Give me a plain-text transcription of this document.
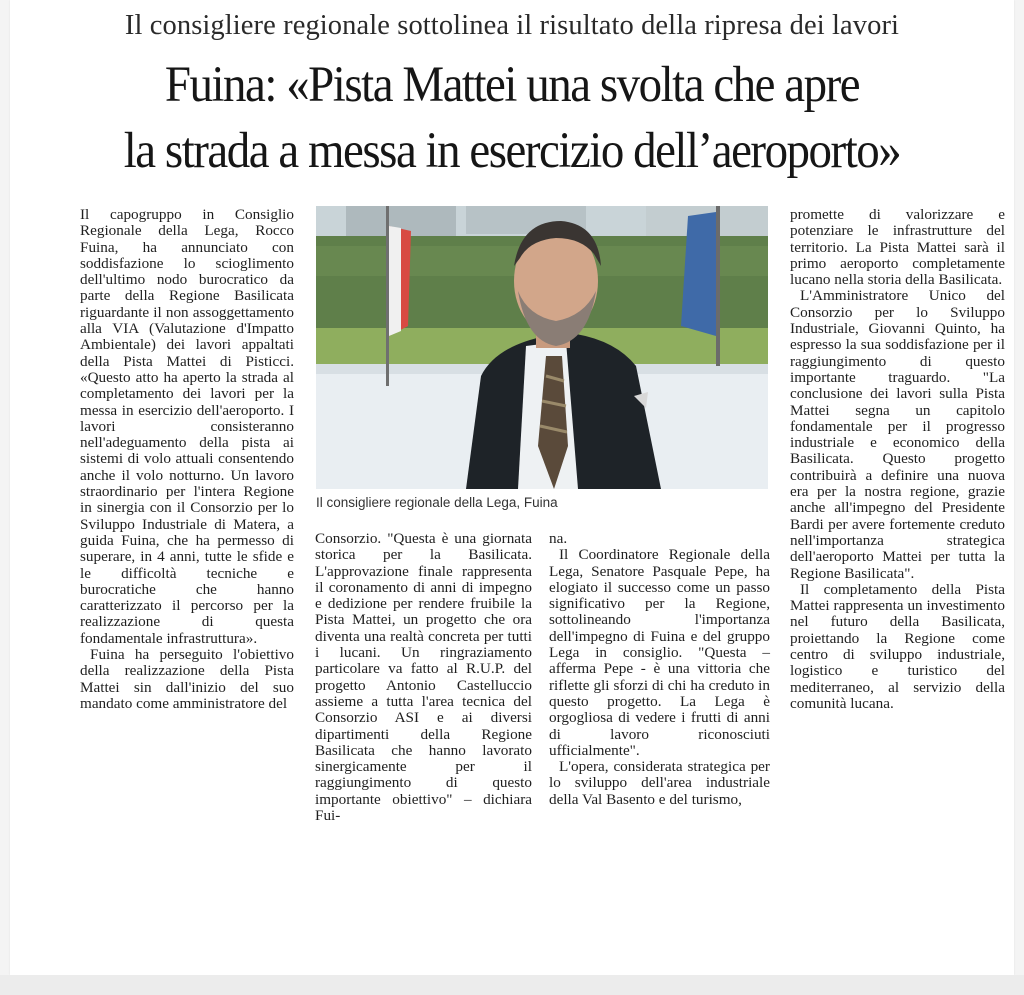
Il consigliere regionale sottolinea il risultato della ripresa dei lavori
Fuina: «Pista Mattei una svolta che apre
la strada a messa in esercizio dell’aeroporto»

Il capogruppo in Consiglio Regionale della Lega, Rocco Fuina, ha annunciato con soddisfazione lo scioglimento dell'ultimo nodo burocratico da parte della Regione Basilicata riguardante il non assoggettamento alla VIA (Valutazione d'Impatto Ambientale) dei lavori appaltati della Pista Mattei di Pisticci. «Questo atto ha aperto la strada al completamento dei lavori per la messa in esercizio dell'aeroporto. I lavori consisteranno nell'adeguamento della pista ai sistemi di volo attuali consentendo anche il volo notturno. Un lavoro straordinario per l'intera Regione in sinergia con il Consorzio per lo Sviluppo Industriale di Matera, a guida Fuina, che ha permesso di superare, in 4 anni, tutte le sfide e le difficoltà tecniche e burocratiche che hanno caratterizzato il percorso per la realizzazione di questa fondamentale infrastruttura».

Fuina ha perseguito l'obiettivo della realizzazione della Pista Mattei sin dall'inizio del suo mandato come amministratore del

Il consigliere regionale della Lega, Fuina

Consorzio. "Questa è una giornata storica per la Basilicata. L'approvazione finale rappresenta il coronamento di anni di impegno e dedizione per rendere fruibile la Pista Mattei, un progetto che ora diventa una realtà concreta per tutti i lucani. Un ringraziamento particolare va fatto al R.U.P. del progetto Antonio Castelluccio assieme a tutta l'area tecnica del Consorzio ASI e ai diversi dipartimenti della Regione Basilicata che hanno lavorato sinergicamente per il raggiungimento di questo importante obiettivo" – dichiara Fui-

na.

Il Coordinatore Regionale della Lega, Senatore Pasquale Pepe, ha elogiato il successo come un passo significativo per la Regione, sottolineando l'importanza dell'impegno di Fuina e del gruppo Lega in consiglio. "Questa – afferma Pepe - è una vittoria che riflette gli sforzi di chi ha creduto in questo progetto. La Lega è orgogliosa di vedere i frutti di anni di lavoro riconosciuti ufficialmente".

L'opera, considerata strategica per lo sviluppo dell'area industriale della Val Basento e del turismo,

promette di valorizzare e potenziare le infrastrutture del territorio. La Pista Mattei sarà il primo aeroporto completamente lucano nella storia della Basilicata.

L'Amministratore Unico del Consorzio per lo Sviluppo Industriale, Giovanni Quinto, ha espresso la sua soddisfazione per il raggiungimento di questo importante traguardo. "La conclusione dei lavori sulla Pista Mattei segna un capitolo fondamentale per il progresso industriale e economico della Basilicata. Questo progetto contribuirà a definire una nuova era per la nostra regione, grazie anche all'impegno del Presidente Bardi per avere fortemente creduto nell'importanza strategica dell'aeroporto Mattei per tutta la Regione Basilicata".

Il completamento della Pista Mattei rappresenta un investimento nel futuro della Basilicata, proiettando la Regione come centro di sviluppo industriale, logistico e turistico del mediterraneo, al servizio della comunità lucana.
